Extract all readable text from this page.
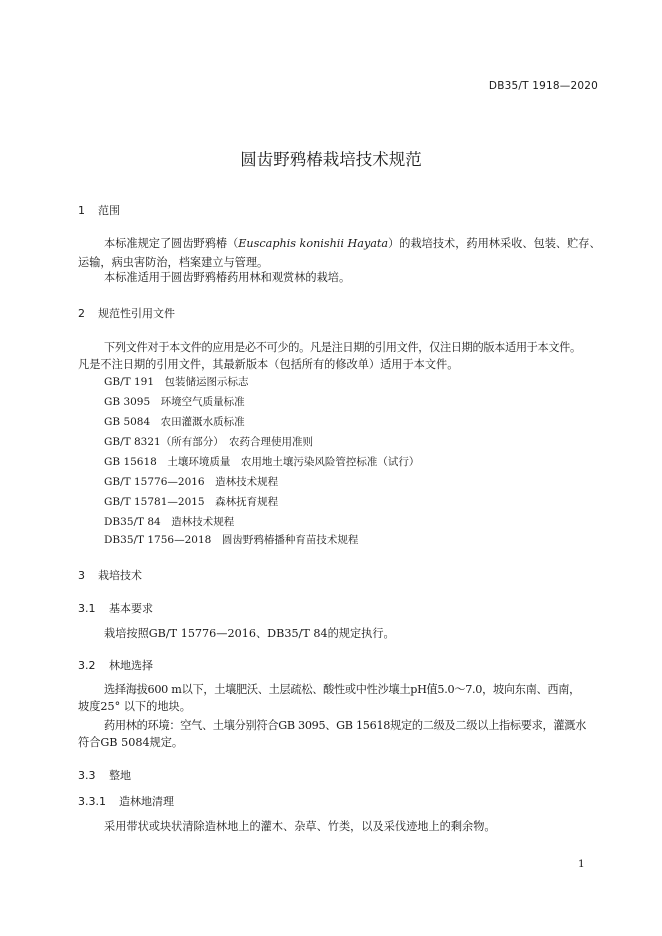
DB35/T 1918—2020
圆齿野鸦椿栽培技术规范
1 范围
本标准规定了圆齿野鸦椿（Euscaphis konishii Hayata）的栽培技术，药用林采收、包装、贮存、
运输，病虫害防治，档案建立与管理。
本标准适用于圆齿野鸦椿药用林和观赏林的栽培。
2 规范性引用文件
下列文件对于本文件的应用是必不可少的。凡是注日期的引用文件，仅注日期的版本适用于本文件。
凡是不注日期的引用文件，其最新版本（包括所有的修改单）适用于本文件。
GB/T 191　包装储运图示标志
GB 3095　环境空气质量标准
GB 5084　农田灌溉水质标准
GB/T 8321（所有部分）　农药合理使用准则
GB 15618　土壤环境质量　农用地土壤污染风险管控标准（试行）
GB/T 15776—2016　造林技术规程
GB/T 15781—2015　森林抚育规程
DB35/T 84　造林技术规程
DB35/T 1756—2018　圆齿野鸦椿播种育苗技术规程
3 栽培技术
3.1 基本要求
栽培按照GB/T 15776—2016、DB35/T 84的规定执行。
3.2 林地选择
选择海拔600 m以下，土壤肥沃、土层疏松、酸性或中性沙壤土pH值5.0～7.0，坡向东南、西南，
坡度25° 以下的地块。
药用林的环境：空气、土壤分别符合GB 3095、GB 15618规定的二级及二级以上指标要求，灌溉水
符合GB 5084规定。
3.3 整地
3.3.1 造林地清理
采用带状或块状清除造林地上的灌木、杂草、竹类，以及采伐迹地上的剩余物。
1
